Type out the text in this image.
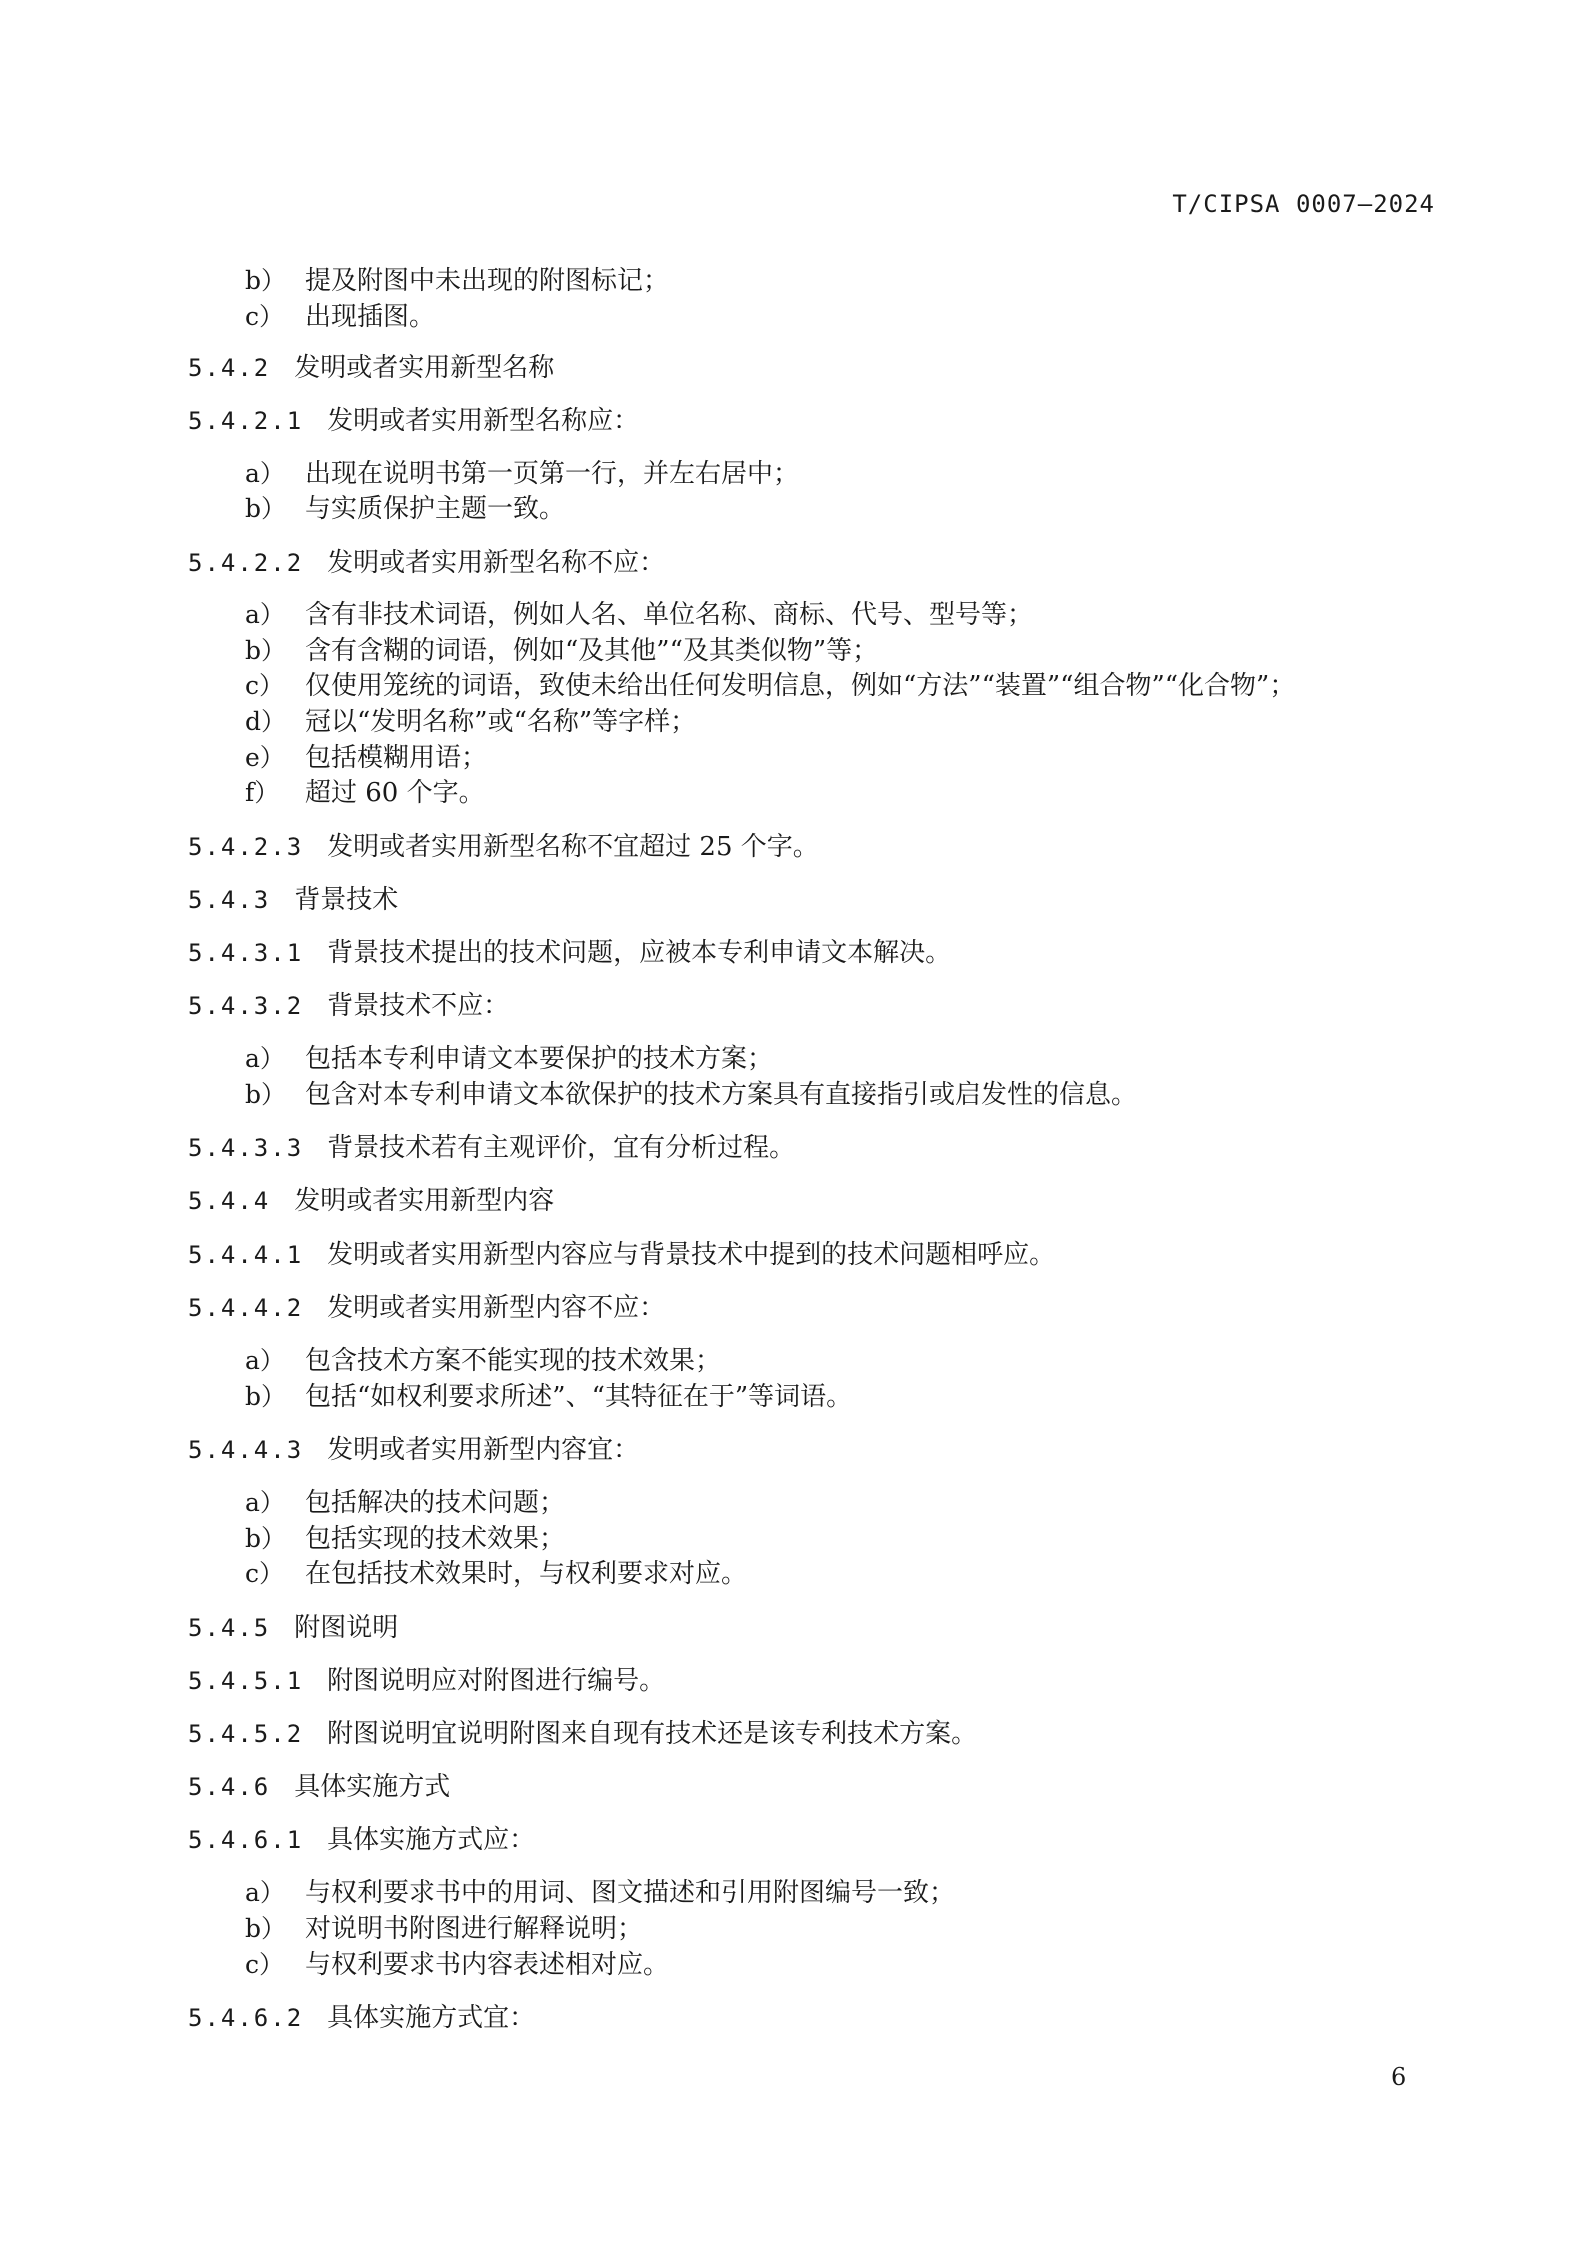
T/CIPSA 0007—2024
b） 提及附图中未出现的附图标记；
c） 出现插图。
5.4.2 发明或者实用新型名称
5.4.2.1 发明或者实用新型名称应：
a） 出现在说明书第一页第一行，并左右居中；
b） 与实质保护主题一致。
5.4.2.2 发明或者实用新型名称不应：
a） 含有非技术词语，例如人名、单位名称、商标、代号、型号等；
b） 含有含糊的词语，例如“及其他”“及其类似物”等；
c） 仅使用笼统的词语，致使未给出任何发明信息，例如“方法”“装置”“组合物”“化合物”；
d） 冠以“发明名称”或“名称”等字样；
e） 包括模糊用语；
f） 超过 60 个字。
5.4.2.3 发明或者实用新型名称不宜超过 25 个字。
5.4.3 背景技术
5.4.3.1 背景技术提出的技术问题，应被本专利申请文本解决。
5.4.3.2 背景技术不应：
a） 包括本专利申请文本要保护的技术方案；
b） 包含对本专利申请文本欲保护的技术方案具有直接指引或启发性的信息。
5.4.3.3 背景技术若有主观评价，宜有分析过程。
5.4.4 发明或者实用新型内容
5.4.4.1 发明或者实用新型内容应与背景技术中提到的技术问题相呼应。
5.4.4.2 发明或者实用新型内容不应：
a） 包含技术方案不能实现的技术效果；
b） 包括“如权利要求所述”、“其特征在于”等词语。
5.4.4.3 发明或者实用新型内容宜：
a） 包括解决的技术问题；
b） 包括实现的技术效果；
c） 在包括技术效果时，与权利要求对应。
5.4.5 附图说明
5.4.5.1 附图说明应对附图进行编号。
5.4.5.2 附图说明宜说明附图来自现有技术还是该专利技术方案。
5.4.6 具体实施方式
5.4.6.1 具体实施方式应：
a） 与权利要求书中的用词、图文描述和引用附图编号一致；
b） 对说明书附图进行解释说明；
c） 与权利要求书内容表述相对应。
5.4.6.2 具体实施方式宜：
6
